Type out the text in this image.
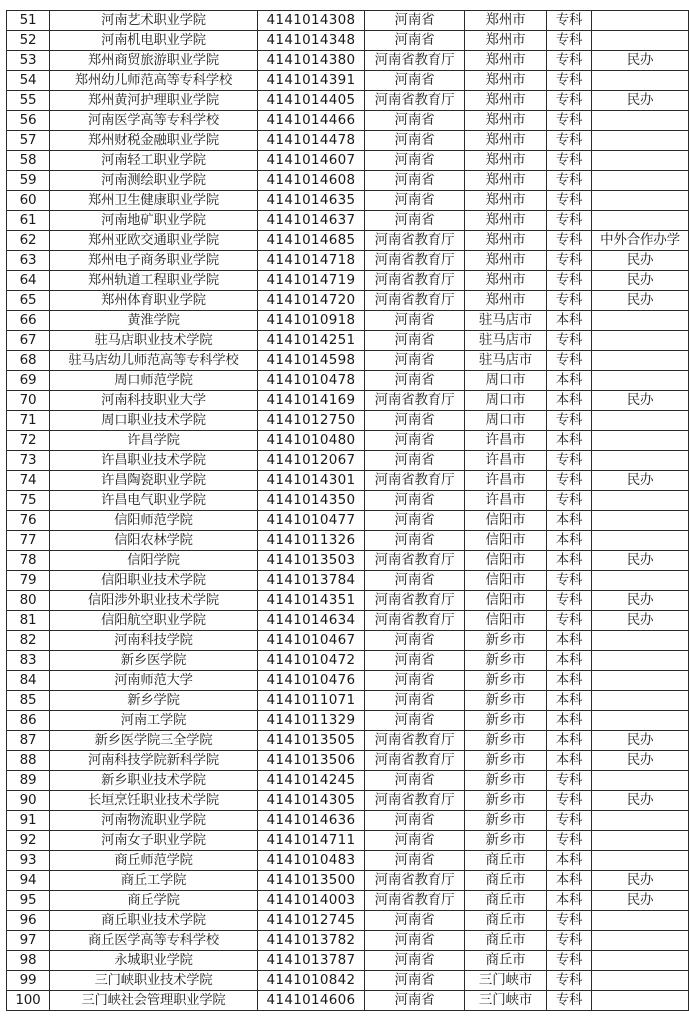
51	河南艺术职业学院	4141014308	河南省	郑州市	专科	
52	河南机电职业学院	4141014348	河南省	郑州市	专科	
53	郑州商贸旅游职业学院	4141014380	河南省教育厅	郑州市	专科	民办
54	郑州幼儿师范高等专科学校	4141014391	河南省	郑州市	专科	
55	郑州黄河护理职业学院	4141014405	河南省教育厅	郑州市	专科	民办
56	河南医学高等专科学校	4141014466	河南省	郑州市	专科	
57	郑州财税金融职业学院	4141014478	河南省	郑州市	专科	
58	河南轻工职业学院	4141014607	河南省	郑州市	专科	
59	河南测绘职业学院	4141014608	河南省	郑州市	专科	
60	郑州卫生健康职业学院	4141014635	河南省	郑州市	专科	
61	河南地矿职业学院	4141014637	河南省	郑州市	专科	
62	郑州亚欧交通职业学院	4141014685	河南省教育厅	郑州市	专科	中外合作办学
63	郑州电子商务职业学院	4141014718	河南省教育厅	郑州市	专科	民办
64	郑州轨道工程职业学院	4141014719	河南省教育厅	郑州市	专科	民办
65	郑州体育职业学院	4141014720	河南省教育厅	郑州市	专科	民办
66	黄淮学院	4141010918	河南省	驻马店市	本科	
67	驻马店职业技术学院	4141014251	河南省	驻马店市	专科	
68	驻马店幼儿师范高等专科学校	4141014598	河南省	驻马店市	专科	
69	周口师范学院	4141010478	河南省	周口市	本科	
70	河南科技职业大学	4141014169	河南省教育厅	周口市	本科	民办
71	周口职业技术学院	4141012750	河南省	周口市	专科	
72	许昌学院	4141010480	河南省	许昌市	本科	
73	许昌职业技术学院	4141012067	河南省	许昌市	专科	
74	许昌陶瓷职业学院	4141014301	河南省教育厅	许昌市	专科	民办
75	许昌电气职业学院	4141014350	河南省	许昌市	专科	
76	信阳师范学院	4141010477	河南省	信阳市	本科	
77	信阳农林学院	4141011326	河南省	信阳市	本科	
78	信阳学院	4141013503	河南省教育厅	信阳市	本科	民办
79	信阳职业技术学院	4141013784	河南省	信阳市	专科	
80	信阳涉外职业技术学院	4141014351	河南省教育厅	信阳市	专科	民办
81	信阳航空职业学院	4141014634	河南省教育厅	信阳市	专科	民办
82	河南科技学院	4141010467	河南省	新乡市	本科	
83	新乡医学院	4141010472	河南省	新乡市	本科	
84	河南师范大学	4141010476	河南省	新乡市	本科	
85	新乡学院	4141011071	河南省	新乡市	本科	
86	河南工学院	4141011329	河南省	新乡市	本科	
87	新乡医学院三全学院	4141013505	河南省教育厅	新乡市	本科	民办
88	河南科技学院新科学院	4141013506	河南省教育厅	新乡市	本科	民办
89	新乡职业技术学院	4141014245	河南省	新乡市	专科	
90	长垣烹饪职业技术学院	4141014305	河南省教育厅	新乡市	专科	民办
91	河南物流职业学院	4141014636	河南省	新乡市	专科	
92	河南女子职业学院	4141014711	河南省	新乡市	专科	
93	商丘师范学院	4141010483	河南省	商丘市	本科	
94	商丘工学院	4141013500	河南省教育厅	商丘市	本科	民办
95	商丘学院	4141014003	河南省教育厅	商丘市	本科	民办
96	商丘职业技术学院	4141012745	河南省	商丘市	专科	
97	商丘医学高等专科学校	4141013782	河南省	商丘市	专科	
98	永城职业学院	4141013787	河南省	商丘市	专科	
99	三门峡职业技术学院	4141010842	河南省	三门峡市	专科	
100	三门峡社会管理职业学院	4141014606	河南省	三门峡市	专科	
